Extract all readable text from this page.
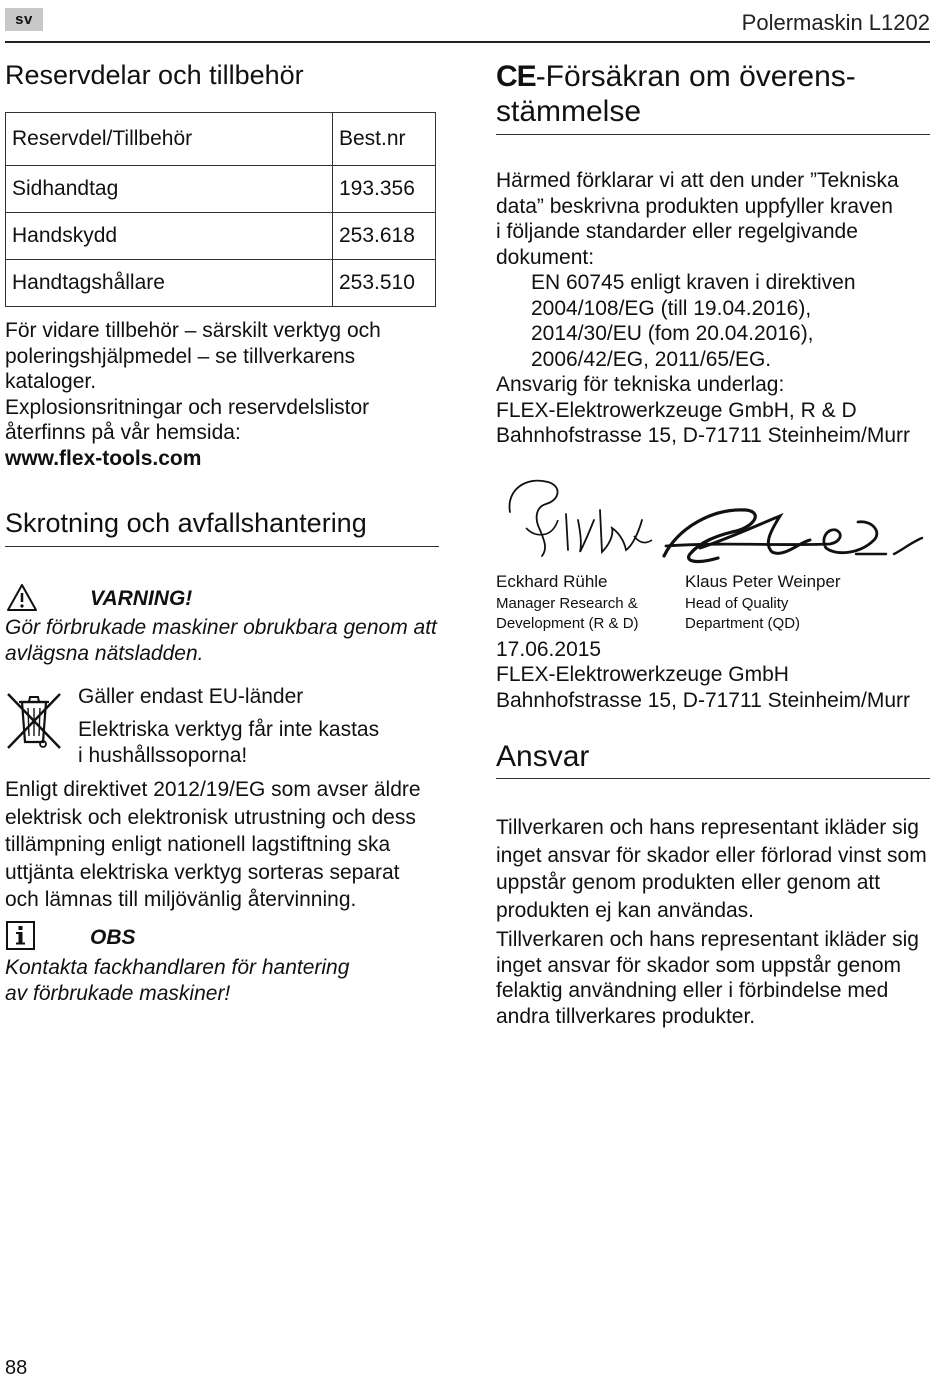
sv	Polermaskin L1202
Reservdelar och tillbehör
Reservdel/Tillbehör	Best.nr
Sidhandtag	193.356
Handskydd	253.618
Handtagshållare	253.510

För vidare tillbehör – särskilt verktyg och

poleringshjälpmedel – se tillverkarens

kataloger.

Explosionsritningar och reservdelslistor

återfinns på vår hemsida:

www.flex-tools.com

Skrotning och avfallshantering
VARNING!

Gör förbrukade maskiner obrukbara genom att

avlägsna nätsladden.

Gäller endast EU-länder

Elektriska verktyg får inte kastas

i hushållssoporna!

Enligt direktivet 2012/19/EG som avser äldre

elektrisk och elektronisk utrustning och dess

tillämpning enligt nationell lagstiftning ska

uttjänta elektriska verktyg sorteras separat

och lämnas till miljövänlig återvinning.

OBS

Kontakta fackhandlaren för hantering

av förbrukade maskiner!

CE-Försäkran om överens-
stämmelse

Härmed förklarar vi att den under ”Tekniska

data” beskrivna produkten uppfyller kraven

i följande standarder eller regelgivande

dokument:

EN 60745 enligt kraven i direktiven

2004/108/EG (till 19.04.2016),

2014/30/EU (fom 20.04.2016),

2006/42/EG, 2011/65/EG.

Ansvarig för tekniska underlag:

FLEX-Elektrowerkzeuge GmbH, R & D

Bahnhofstrasse 15, D-71711 Steinheim/Murr

Eckhard Rühle
Manager Research &
Development (R & D)
Klaus Peter Weinper
Head of Quality
Department (QD)
17.06.2015

FLEX-Elektrowerkzeuge GmbH

Bahnhofstrasse 15, D-71711 Steinheim/Murr

Ansvar

Tillverkaren och hans representant ikläder sig

inget ansvar för skador eller förlorad vinst som

uppstår genom produkten eller genom att

produkten ej kan användas.

Tillverkaren och hans representant ikläder sig

inget ansvar för skador som uppstår genom

felaktig användning eller i förbindelse med

andra tillverkares produkter.

88
